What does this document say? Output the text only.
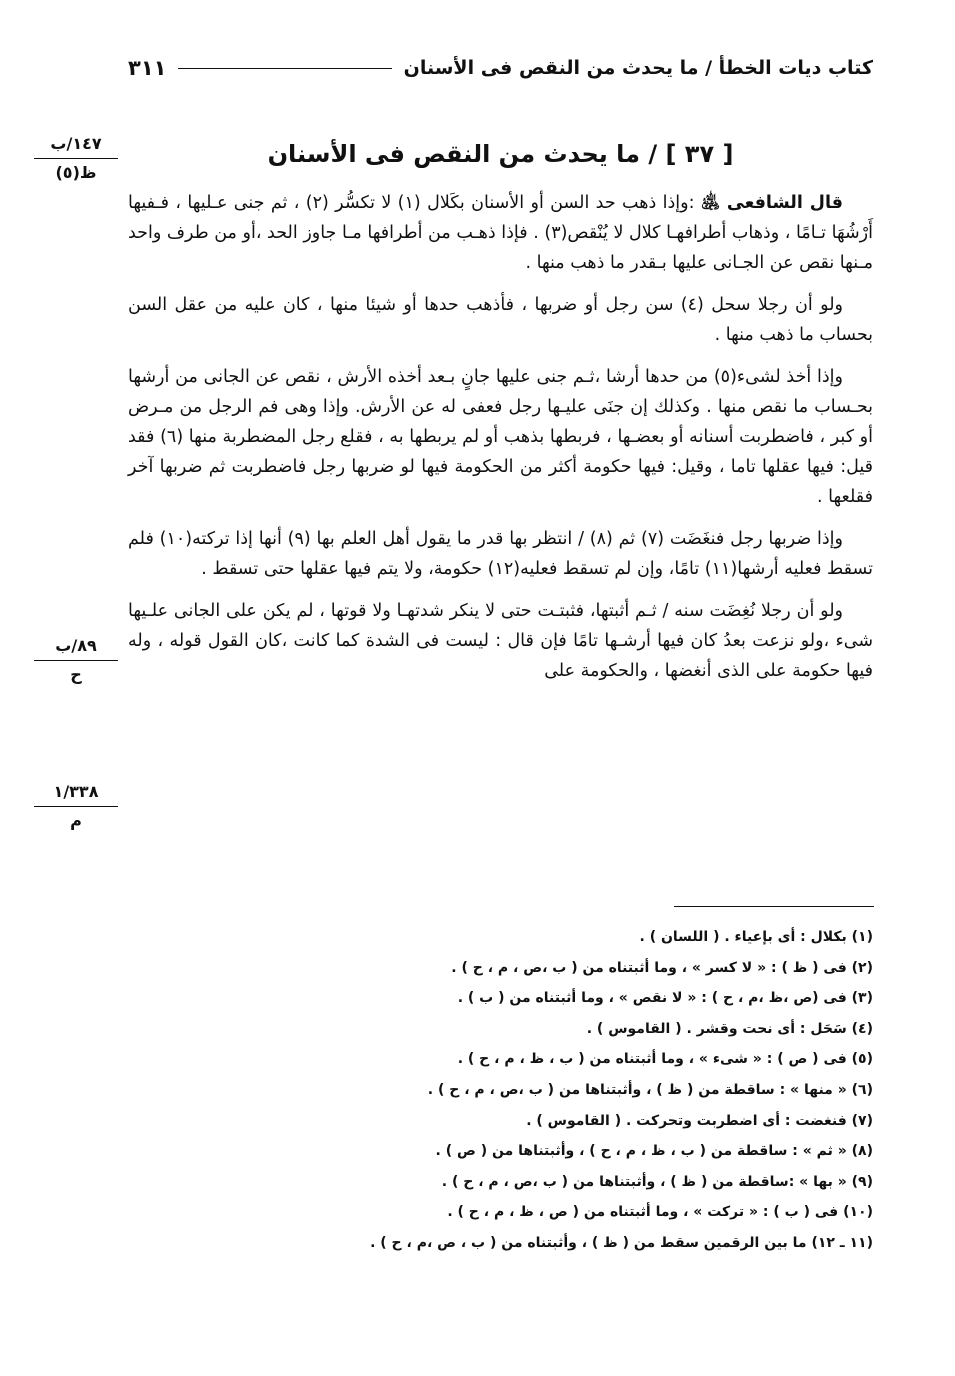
كتاب ديات الخطأ / ما يحدث من النقص فى الأسنان
٣١١
١٤٧/ب
ظ(٥)
٨٩/ب
ح
١/٣٣٨
م
[ ٣٧ ] / ما يحدث من النقص فى الأسنان

قال الشافعى ﵁ :وإذا ذهب حد السن أو الأسنان بكَلال (١) لا تكسُّر (٢) ، ثم جنى عـليها ، فـفيها أَرْشُهَا تـامًا ، وذهاب أطرافهـا كلال لا يُنْقص(٣) . فإذا ذهـب من أطرافها مـا جاوز الحد ،أو من طرف واحد مـنها نقص عن الجـانى عليها بـقدر ما ذهب منها .

ولو أن رجلا سحل (٤) سن رجل أو ضربها ، فأذهب حدها أو شيئا منها ، كان عليه من عقل السن بحساب ما ذهب منها .

وإذا أخذ لشىء(٥) من حدها أرشا ،ثـم جنى عليها جانٍ بـعد أخذه الأرش ، نقص عن الجانى من أرشها بحـساب ما نقص منها . وكذلك إن جنَى عليـها رجل فعفى له عن الأرش. وإذا وهى فم الرجل من مـرض أو كبر ، فاضطربت أسنانه أو بعضـها ، فربطها بذهب أو لم يربطها به ، فقلع رجل المضطربة منها (٦) فقد قيل: فيها عقلها تاما ، وقيل: فيها حكومة أكثر من الحكومة فيها لو ضربها رجل فاضطربت ثم ضربها آخر فقلعها .

وإذا ضربها رجل فنغَضَت (٧) ثم (٨) / انتظر بها قدر ما يقول أهل العلم بها (٩) أنها إذا تركته(١٠) فلم تسقط فعليه أرشها(١١) تامًا، وإن لم تسقط فعليه(١٢) حكومة، ولا يتم فيها عقلها حتى تسقط .

ولو أن رجلا نُغِضَت سنه / ثـم أثبتها، فثبتـت حتى لا ينكر شدتهـا ولا قوتها ، لم يكن على الجانى علـيها شىء ،ولو نزعت بعدُ كان فيها أرشـها تامًا فإن قال : ليست فى الشدة كما كانت ،كان القول قوله ، وله فيها حكومة على الذى أنغضها ، والحكومة على

(١) بكلال : أى بإعياء . ( اللسان ) .
(٢) فى ( ظ ) : « لا كسر » ، وما أثبتناه من ( ب ،ص ، م ، ح ) .
(٣) فى (ص ،ظ ،م ، ح ) : « لا نقص » ، وما أثبتناه من ( ب ) .
(٤) سَحَل : أى نحت وقشر . ( القاموس ) .
(٥) فى ( ص ) : « شىء » ، وما أثبتناه من ( ب ، ظ ، م ، ح ) .
(٦) « منها » : ساقطة من ( ظ ) ، وأثبتناها من ( ب ،ص ، م ، ح ) .
(٧) فنغضت : أى اضطربت وتحركت . ( القاموس ) .
(٨) « ثم » : ساقطة من ( ب ، ظ ، م ، ح ) ، وأثبتناها من ( ص ) .
(٩) « بها » :ساقطة من ( ظ ) ، وأثبتناها من ( ب ،ص ، م ، ح ) .
(١٠) فى ( ب ) : « تركت » ، وما أثبتناه من ( ص ، ظ ، م ، ح ) .
(١١ ـ ١٢) ما بين الرقمين سقط من ( ظ ) ، وأثبتناه من ( ب ، ص ،م ، ح ) .
